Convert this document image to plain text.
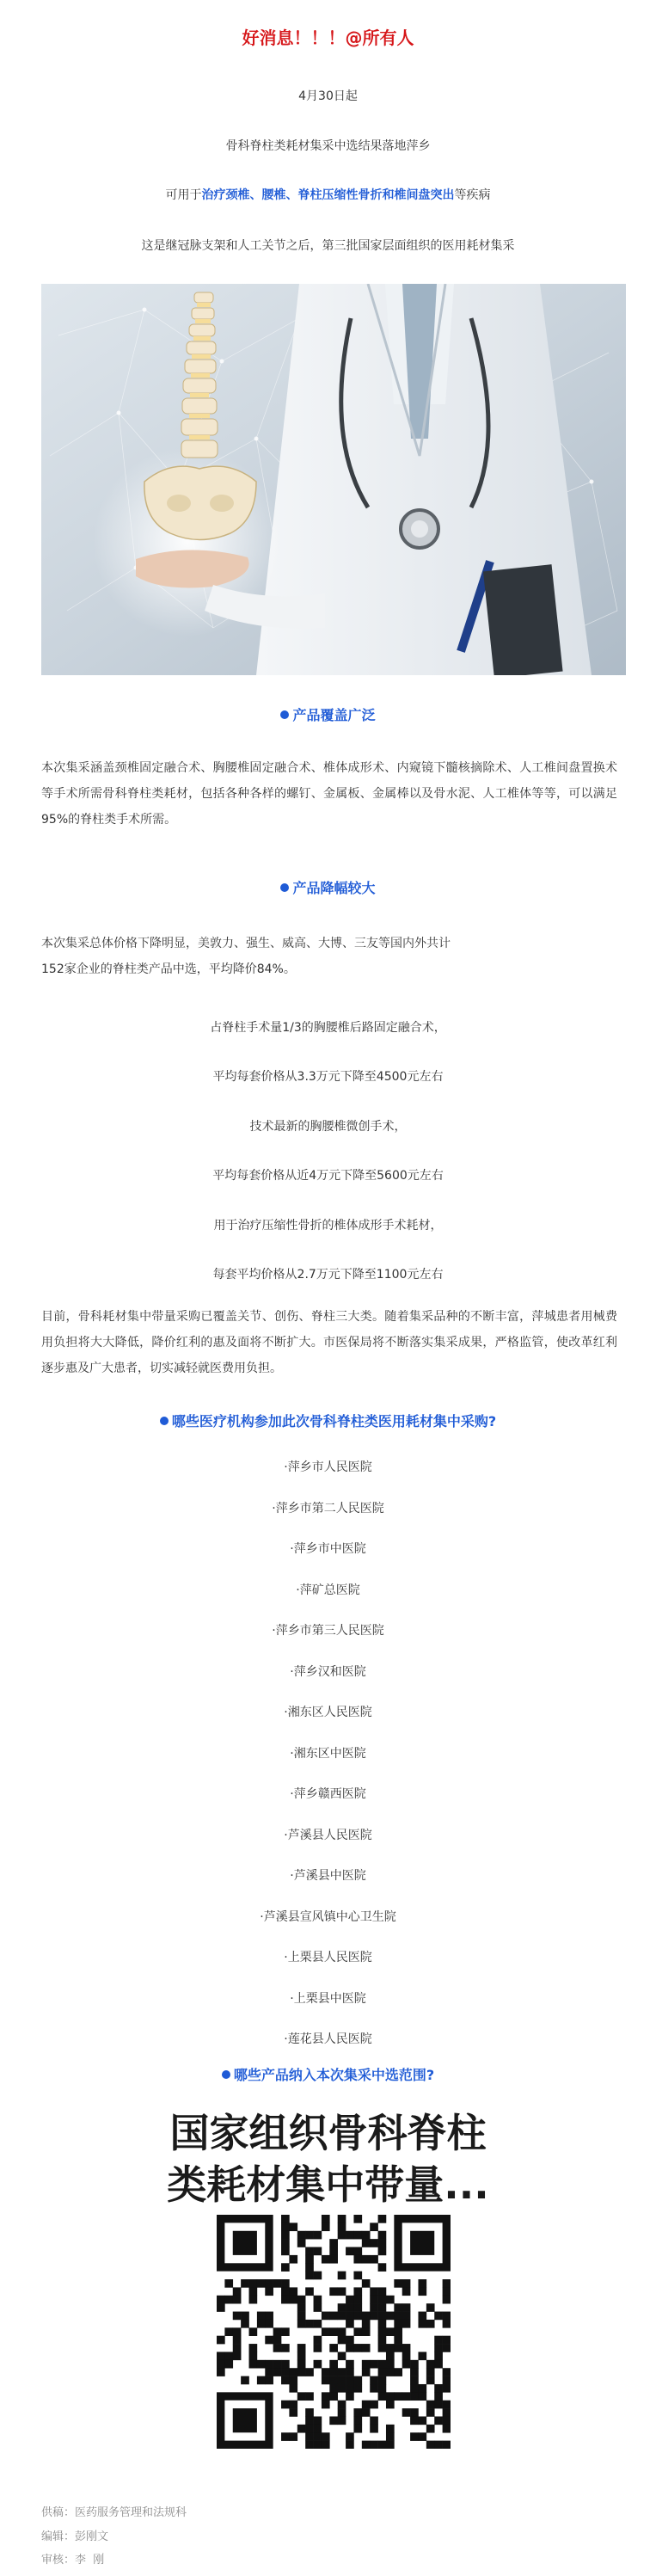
好消息！！！@所有人
4月30日起
骨科脊柱类耗材集采中选结果落地萍乡
可用于治疗颈椎、腰椎、脊柱压缩性骨折和椎间盘突出等疾病
这是继冠脉支架和人工关节之后，第三批国家层面组织的医用耗材集采
产品覆盖广泛
本次集采涵盖颈椎固定融合术、胸腰椎固定融合术、椎体成形术、内窥镜下髓核摘除术、人工椎间盘置换术等手术所需骨科脊柱类耗材，包括各种各样的螺钉、金属板、金属棒以及骨水泥、人工椎体等等，可以满足95%的脊柱类手术所需。
产品降幅较大
本次集采总体价格下降明显，美敦力、强生、威高、大博、三友等国内外共计
152家企业的脊柱类产品中选，平均降价84%。
占脊柱手术量1/3的胸腰椎后路固定融合术，
平均每套价格从3.3万元下降至4500元左右
技术最新的胸腰椎微创手术，
平均每套价格从近4万元下降至5600元左右
用于治疗压缩性骨折的椎体成形手术耗材，
每套平均价格从2.7万元下降至1100元左右
目前，骨科耗材集中带量采购已覆盖关节、创伤、脊柱三大类。随着集采品种的不断丰富，萍城患者用械费用负担将大大降低，降价红利的惠及面将不断扩大。市医保局将不断落实集采成果，严格监管，使改革红利逐步惠及广大患者，切实减轻就医费用负担。
哪些医疗机构参加此次骨科脊柱类医用耗材集中采购?
·萍乡市人民医院
·萍乡市第二人民医院
·萍乡市中医院
·萍矿总医院
·萍乡市第三人民医院
·萍乡汉和医院
·湘东区人民医院
·湘东区中医院
·萍乡赣西医院
·芦溪县人民医院
·芦溪县中医院
·芦溪县宣风镇中心卫生院
·上栗县人民医院
·上栗县中医院
·莲花县人民医院
哪些产品纳入本次集采中选范围?
国家组织骨科脊柱
类耗材集中带量...
供稿：医药服务管理和法规科
编辑：彭刚文
审核：李  刚
